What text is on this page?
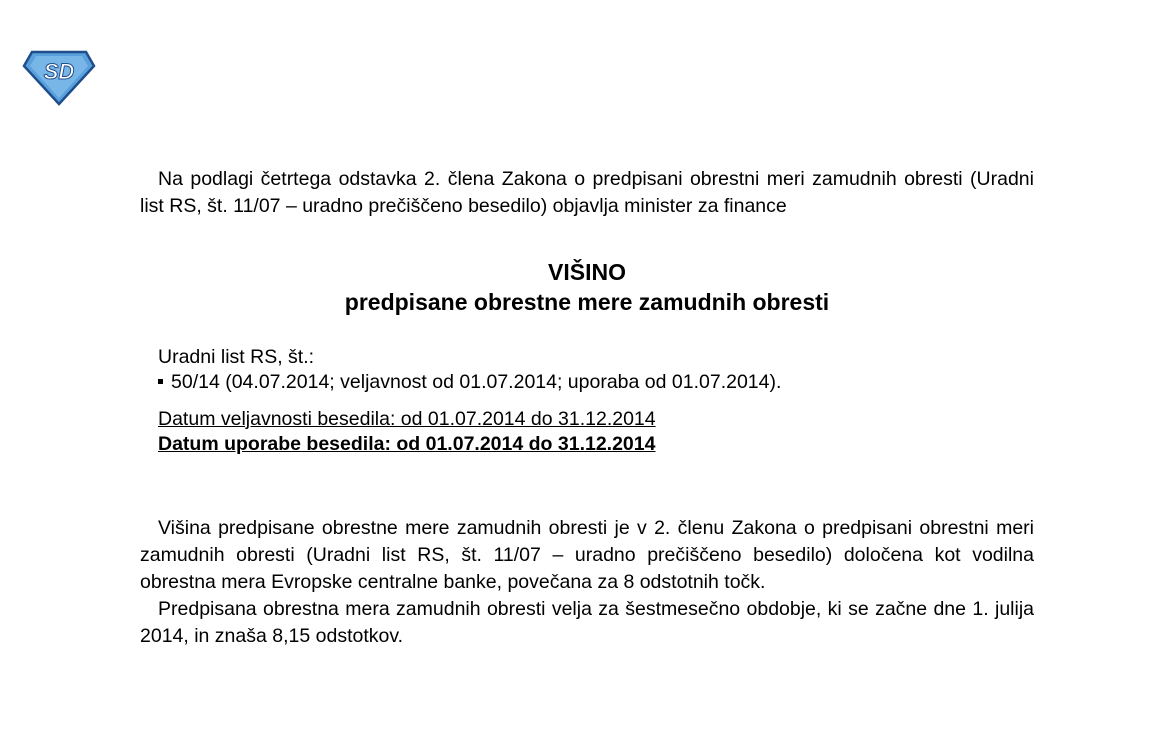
SD

Na podlagi četrtega odstavka 2. člena Zakona o predpisani obrestni meri zamudnih obresti (Uradni list RS, št. 11/07 – uradno prečiščeno besedilo) objavlja minister za finance

VIŠINO
predpisane obrestne mere zamudnih obresti
Uradni list RS, št.:
50/14 (04.07.2014; veljavnost od 01.07.2014; uporaba od 01.07.2014).
Datum veljavnosti besedila: od 01.07.2014 do 31.12.2014
Datum uporabe besedila: od 01.07.2014 do 31.12.2014

Višina predpisane obrestne mere zamudnih obresti je v 2. členu Zakona o predpisani obrestni meri zamudnih obresti (Uradni list RS, št. 11/07 – uradno prečiščeno besedilo) določena kot vodilna obrestna mera Evropske centralne banke, povečana za 8 odstotnih točk.

Predpisana obrestna mera zamudnih obresti velja za šestmesečno obdobje, ki se začne dne 1. julija 2014, in znaša 8,15 odstotkov.
